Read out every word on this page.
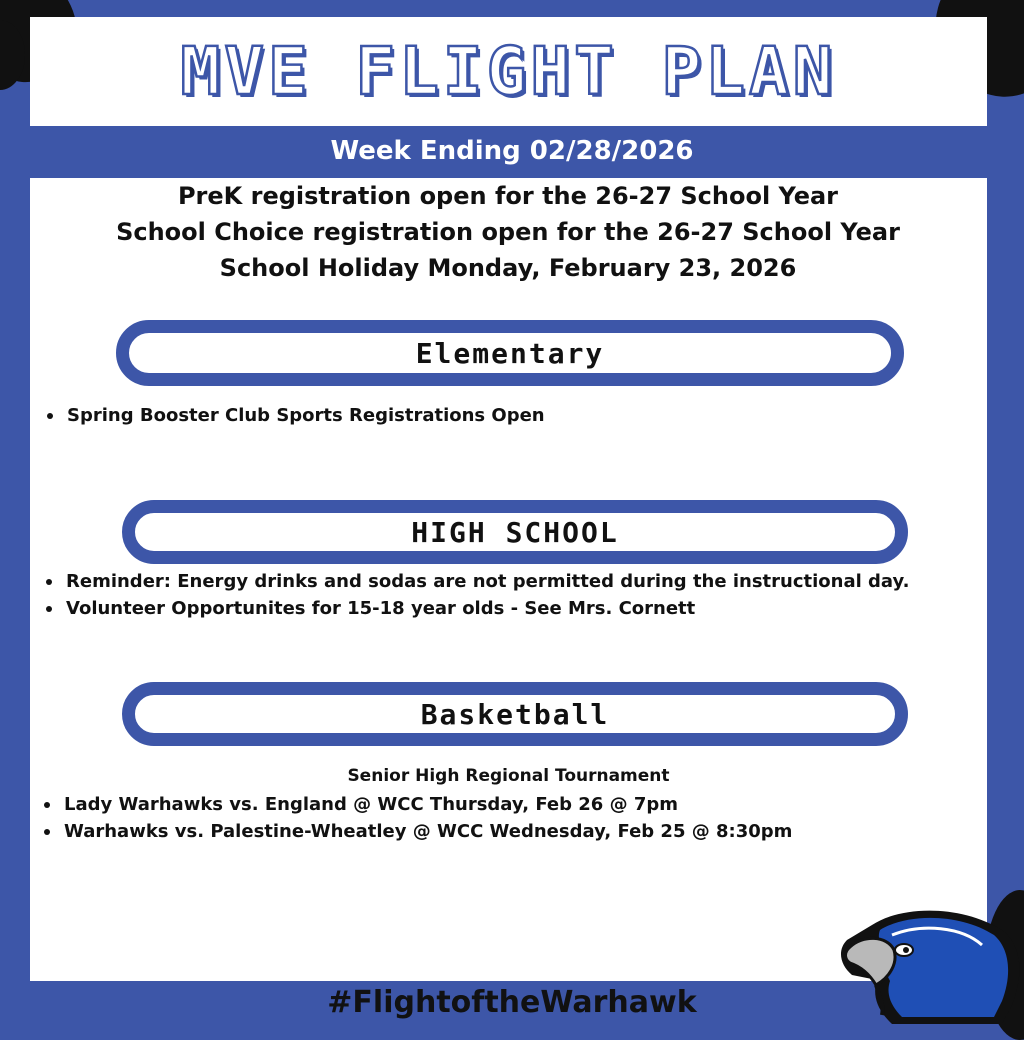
MVE FLIGHT PLAN
Week Ending 02/28/2026
PreK registration open for the 26-27 School Year
School Choice registration open for the 26-27 School Year
School Holiday Monday, February 23, 2026
Elementary
Spring Booster Club Sports Registrations Open
HIGH SCHOOL
Reminder: Energy drinks and sodas are not permitted during the instructional day.
Volunteer Opportunites for 15-18 year olds - See Mrs. Cornett
Basketball
Senior High Regional Tournament
Lady Warhawks vs. England @ WCC Thursday, Feb 26 @ 7pm
Warhawks vs. Palestine-Wheatley @ WCC Wednesday, Feb 25 @ 8:30pm
#FlightoftheWarhawk
